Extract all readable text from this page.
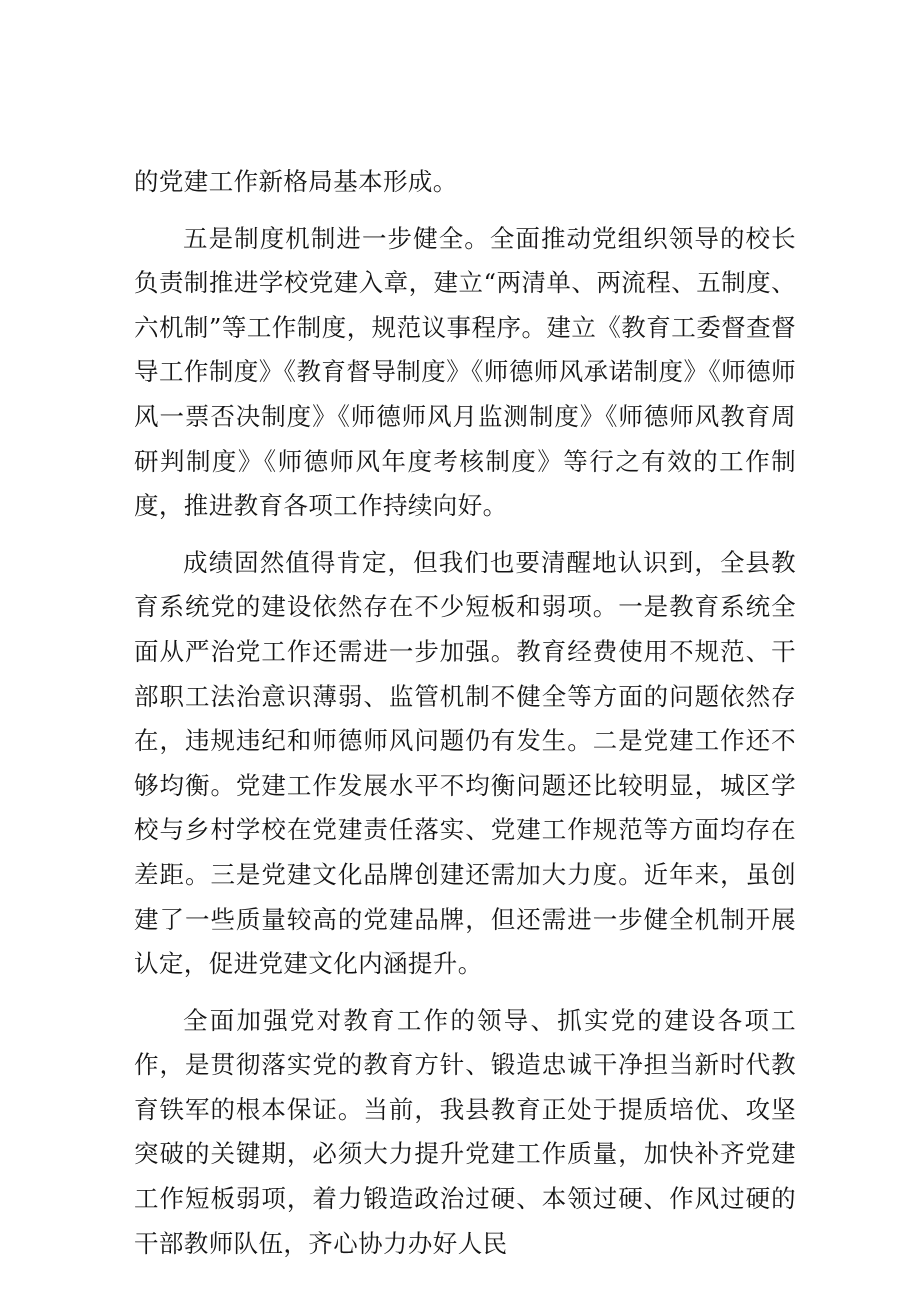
的党建工作新格局基本形成。

五是制度机制进一步健全。全面推动党组织领导的校长负责制推进学校党建入章，建立“两清单、两流程、五制度、六机制”等工作制度，规范议事程序。建立《教育工委督查督导工作制度》《教育督导制度》《师德师风承诺制度》《师德师风一票否决制度》《师德师风月监测制度》《师德师风教育周研判制度》《师德师风年度考核制度》等行之有效的工作制度，推进教育各项工作持续向好。

成绩固然值得肯定，但我们也要清醒地认识到，全县教育系统党的建设依然存在不少短板和弱项。一是教育系统全面从严治党工作还需进一步加强。教育经费使用不规范、干部职工法治意识薄弱、监管机制不健全等方面的问题依然存在，违规违纪和师德师风问题仍有发生。二是党建工作还不够均衡。党建工作发展水平不均衡问题还比较明显，城区学校与乡村学校在党建责任落实、党建工作规范等方面均存在差距。三是党建文化品牌创建还需加大力度。近年来，虽创建了一些质量较高的党建品牌，但还需进一步健全机制开展认定，促进党建文化内涵提升。

全面加强党对教育工作的领导、抓实党的建设各项工作，是贯彻落实党的教育方针、锻造忠诚干净担当新时代教育铁军的根本保证。当前，我县教育正处于提质培优、攻坚突破的关键期，必须大力提升党建工作质量，加快补齐党建工作短板弱项，着力锻造政治过硬、本领过硬、作风过硬的干部教师队伍，齐心协力办好人民
